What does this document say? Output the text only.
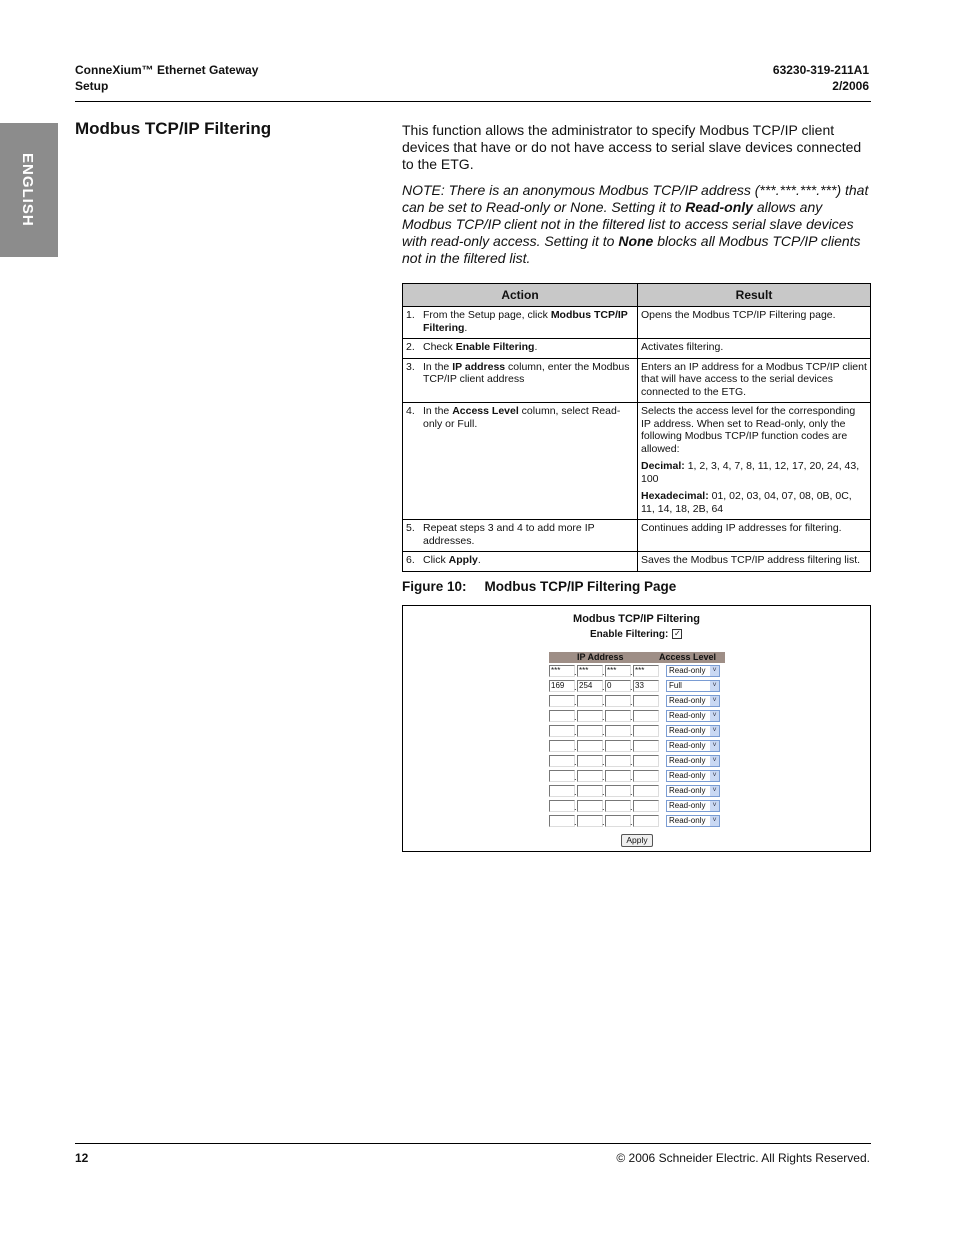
ConneXium™ Ethernet Gateway
Setup
63230-319-211A1
2/2006
ENGLISH
Modbus TCP/IP Filtering	This function allows the administrator to specify Modbus TCP/IP client devices that have or do not have access to serial slave devices connected to the ETG.
NOTE: There is an anonymous Modbus TCP/IP address (***.***.***.***) that can be set to Read-only or None. Setting it to Read-only allows any Modbus TCP/IP client not in the filtered list to access serial slave devices with read-only access. Setting it to None blocks all Modbus TCP/IP clients not in the filtered list.
Action	Result
1. From the Setup page, click Modbus TCP/IP Filtering.	Opens the Modbus TCP/IP Filtering page.

2. Check Enable Filtering.	Activates filtering.

3. In the IP address column, enter the Modbus TCP/IP client address	Enters an IP address for a Modbus TCP/IP client that will have access to the serial devices connected to the ETG.

4. In the Access Level column, select Read-only or Full.	Selects the access level for the corresponding IP address. When set to Read-only, only the following Modbus TCP/IP function codes are allowed:
Decimal: 1, 2, 3, 4, 7, 8, 11, 12, 17, 20, 24, 43, 100
Hexadecimal: 01, 02, 03, 04, 07, 08, 0B, 0C, 11, 14, 18, 2B, 64

5. Repeat steps 3 and 4 to add more IP addresses.	Continues adding IP addresses for filtering.

6. Click Apply.	Saves the Modbus TCP/IP address filtering list.
Figure 10: Modbus TCP/IP Filtering Page
Modbus TCP/IP Filtering
Enable Filtering: ✓
IP Address	Access Level
***	. ***	. ***	. ***	Read-only ˅
169	. 254	. 0	. 33	Full	˅
.	.	.	Read-only ˅
.	.	.	Read-only ˅
.	.	.	Read-only ˅
.	.	.	Read-only ˅
.	.	.	Read-only ˅
.	.	.	Read-only ˅
.	.	.	Read-only ˅
.	.	.	Read-only ˅
.	.	.	Read-only ˅
Apply
12	© 2006 Schneider Electric. All Rights Reserved.
